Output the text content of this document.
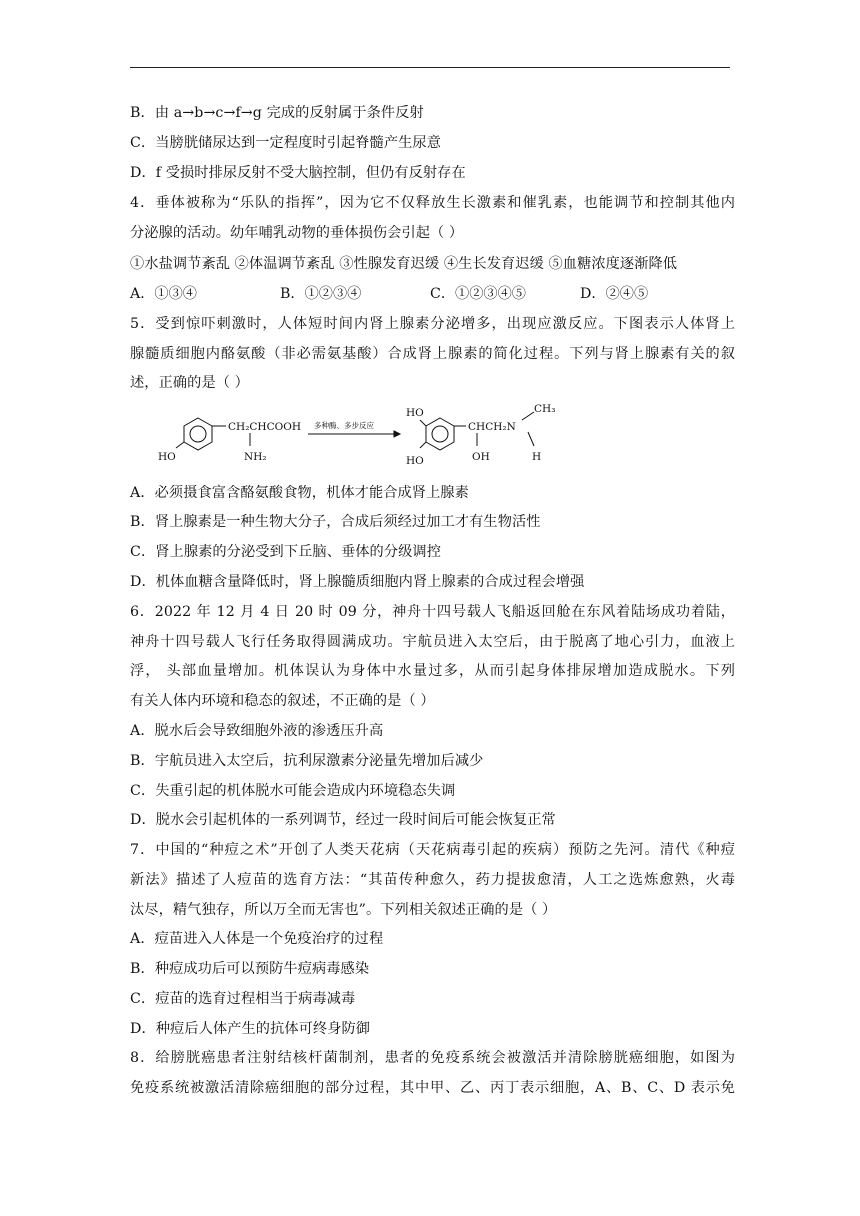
B．由 a→b→c→f→g 完成的反射属于条件反射
C．当膀胱储尿达到一定程度时引起脊髓产生尿意
D．f 受损时排尿反射不受大脑控制，但仍有反射存在
4．垂体被称为“乐队的指挥”，因为它不仅释放生长激素和催乳素，也能调节和控制其他内
分泌腺的活动。幼年哺乳动物的垂体损伤会引起（ ）
①水盐调节紊乱 ②体温调节紊乱 ③性腺发育迟缓 ④生长发育迟缓 ⑤血糖浓度逐渐降低
A．①③④	B．①②③④	C．①②③④⑤	D．②④⑤
5．受到惊吓刺激时，人体短时间内肾上腺素分泌增多，出现应激反应。下图表示人体肾上
腺髓质细胞内酪氨酸（非必需氨基酸）合成肾上腺素的简化过程。下列与肾上腺素有关的叙
述，正确的是（ ）
CH₂CHCOOH
NH₂
HO
多种酶、多步反应
HO
HO
CHCH₂N
OH
CH₃
H
A．必须摄食富含酪氨酸食物，机体才能合成肾上腺素
B．肾上腺素是一种生物大分子，合成后须经过加工才有生物活性
C．肾上腺素的分泌受到下丘脑、垂体的分级调控
D．机体血糖含量降低时，肾上腺髓质细胞内肾上腺素的合成过程会增强
6．2022 年 12 月 4 日 20 时 09 分，神舟十四号载人飞船返回舱在东风着陆场成功着陆，
神舟十四号载人飞行任务取得圆满成功。宇航员进入太空后，由于脱离了地心引力，血液上
浮， 头部血量增加。机体误认为身体中水量过多，从而引起身体排尿增加造成脱水。下列
有关人体内环境和稳态的叙述，不正确的是（ ）
A．脱水后会导致细胞外液的渗透压升高
B．宇航员进入太空后，抗利尿激素分泌量先增加后减少
C．失重引起的机体脱水可能会造成内环境稳态失调
D．脱水会引起机体的一系列调节，经过一段时间后可能会恢复正常
7．中国的“种痘之术”开创了人类天花病（天花病毒引起的疾病）预防之先河。清代《种痘
新法》描述了人痘苗的选育方法：“其苗传种愈久，药力提拔愈清，人工之选炼愈熟，火毒
汰尽，精气独存，所以万全而无害也”。下列相关叙述正确的是（ ）
A．痘苗进入人体是一个免疫治疗的过程
B．种痘成功后可以预防牛痘病毒感染
C．痘苗的选育过程相当于病毒减毒
D．种痘后人体产生的抗体可终身防御
8．给膀胱癌患者注射结核杆菌制剂，患者的免疫系统会被激活并清除膀胱癌细胞，如图为
免疫系统被激活清除癌细胞的部分过程，其中甲、乙、丙丁表示细胞，A、B、C、D 表示免
